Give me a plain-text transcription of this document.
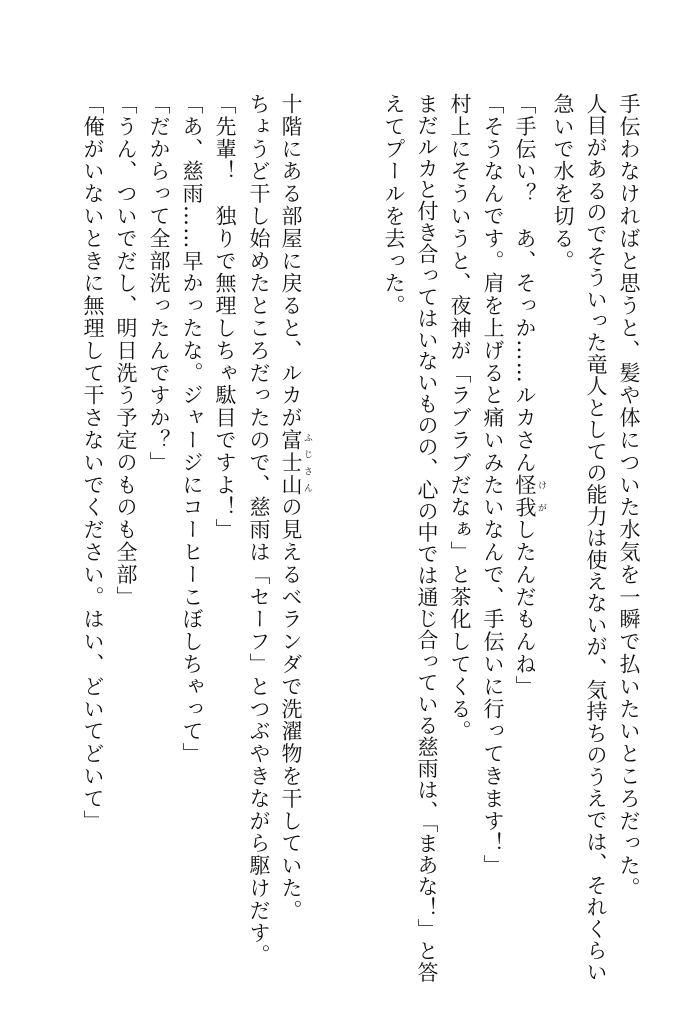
手伝わなければと思うと、髪や体についた水気を一瞬で払いたいところだった。
人目があるのでそういった竜人としての能力は使えないが、気持ちのうえでは、それくらい
急いで水を切る。
「手伝い？　あ、そっか……ルカさん怪我 けがしたんだもんね」
「そうなんです。肩を上げると痛いみたいなんで、手伝いに行ってきます！」
村上にそういうと、夜神が「ラブラブだなぁ」と茶化してくる。
まだルカと付き合ってはいないものの、心の中では通じ合っている慈雨は、「まあな！」と答
えてプールを去った。
十階にある部屋に戻ると、ルカが富士山 ふじさんの見えるベランダで洗濯物を干していた。
ちょうど干し始めたところだったので、慈雨は「セーフ」とつぶやきながら駆けだす。
「先輩！　独りで無理しちゃ駄目ですよ！」
「あ、慈雨……早かったな。ジャージにコーヒーこぼしちゃって」
「だからって全部洗ったんですか？」
「うん、ついでだし、明日洗う予定のものも全部」
「俺がいないときに無理して干さないでください。はい、どいてどいて」
